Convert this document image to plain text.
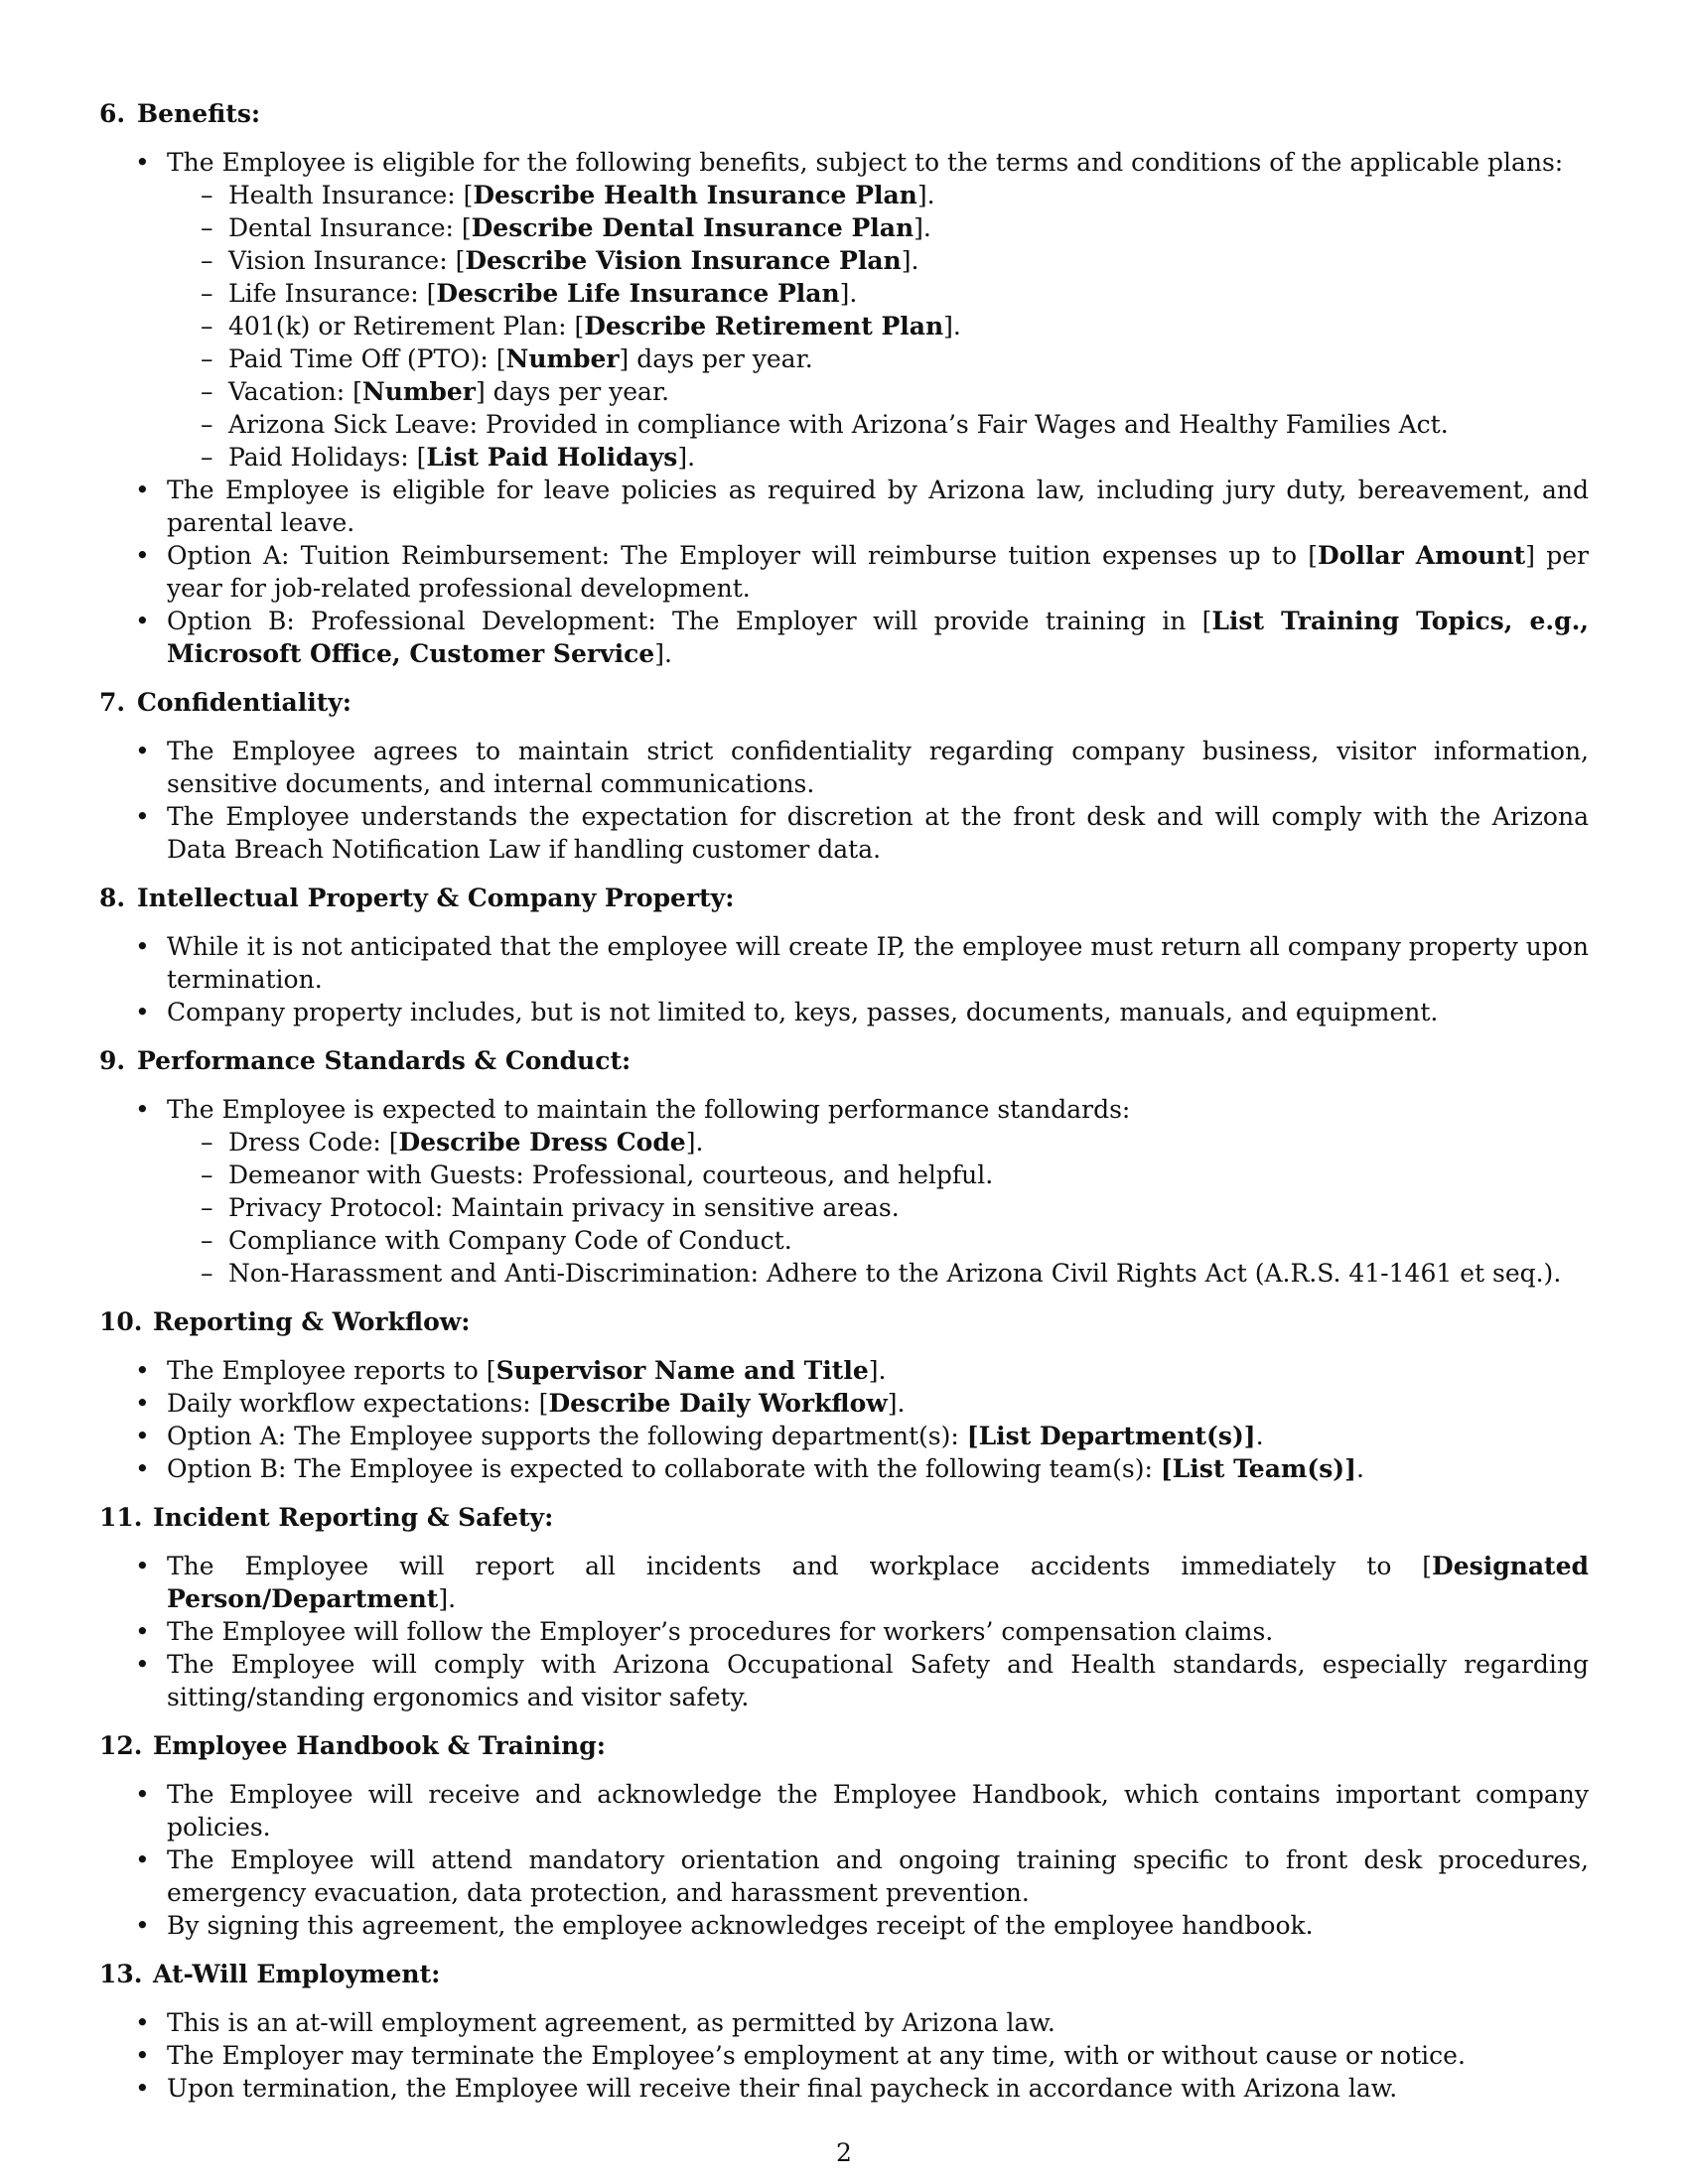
6. Benefits:
• The Employee is eligible for the following benefits, subject to the terms and conditions of the applicable plans:
– Health Insurance: [Describe Health Insurance Plan].
– Dental Insurance: [Describe Dental Insurance Plan].
– Vision Insurance: [Describe Vision Insurance Plan].
– Life Insurance: [Describe Life Insurance Plan].
– 401(k) or Retirement Plan: [Describe Retirement Plan].
– Paid Time Off (PTO): [Number] days per year.
– Vacation: [Number] days per year.
– Arizona Sick Leave: Provided in compliance with Arizona’s Fair Wages and Healthy Families Act.
– Paid Holidays: [List Paid Holidays].
• The Employee is eligible for leave policies as required by Arizona law, including jury duty, bereavement, and parental leave.
• Option A: Tuition Reimbursement: The Employer will reimburse tuition expenses up to [Dollar Amount] per year for job-related professional development.
• Option B: Professional Development: The Employer will provide training in [List Training Topics, e.g., Microsoft Office, Customer Service].
7. Confidentiality:
• The Employee agrees to maintain strict confidentiality regarding company business, visitor information, sensitive documents, and internal communications.
• The Employee understands the expectation for discretion at the front desk and will comply with the Arizona Data Breach Notification Law if handling customer data.
8. Intellectual Property & Company Property:
• While it is not anticipated that the employee will create IP, the employee must return all company property upon termination.
• Company property includes, but is not limited to, keys, passes, documents, manuals, and equipment.
9. Performance Standards & Conduct:
• The Employee is expected to maintain the following performance standards:
– Dress Code: [Describe Dress Code].
– Demeanor with Guests: Professional, courteous, and helpful.
– Privacy Protocol: Maintain privacy in sensitive areas.
– Compliance with Company Code of Conduct.
– Non-Harassment and Anti-Discrimination: Adhere to the Arizona Civil Rights Act (A.R.S. 41-1461 et seq.).
10. Reporting & Workflow:
• The Employee reports to [Supervisor Name and Title].
• Daily workflow expectations: [Describe Daily Workflow].
• Option A: The Employee supports the following department(s): [List Department(s)].
• Option B: The Employee is expected to collaborate with the following team(s): [List Team(s)].
11. Incident Reporting & Safety:
• The Employee will report all incidents and workplace accidents immediately to [Designated Person/Department].
• The Employee will follow the Employer’s procedures for workers’ compensation claims.
• The Employee will comply with Arizona Occupational Safety and Health standards, especially regarding sitting/standing ergonomics and visitor safety.
12. Employee Handbook & Training:
• The Employee will receive and acknowledge the Employee Handbook, which contains important company policies.
• The Employee will attend mandatory orientation and ongoing training specific to front desk procedures, emergency evacuation, data protection, and harassment prevention.
• By signing this agreement, the employee acknowledges receipt of the employee handbook.
13. At-Will Employment:
• This is an at-will employment agreement, as permitted by Arizona law.
• The Employer may terminate the Employee’s employment at any time, with or without cause or notice.
• Upon termination, the Employee will receive their final paycheck in accordance with Arizona law.
2
